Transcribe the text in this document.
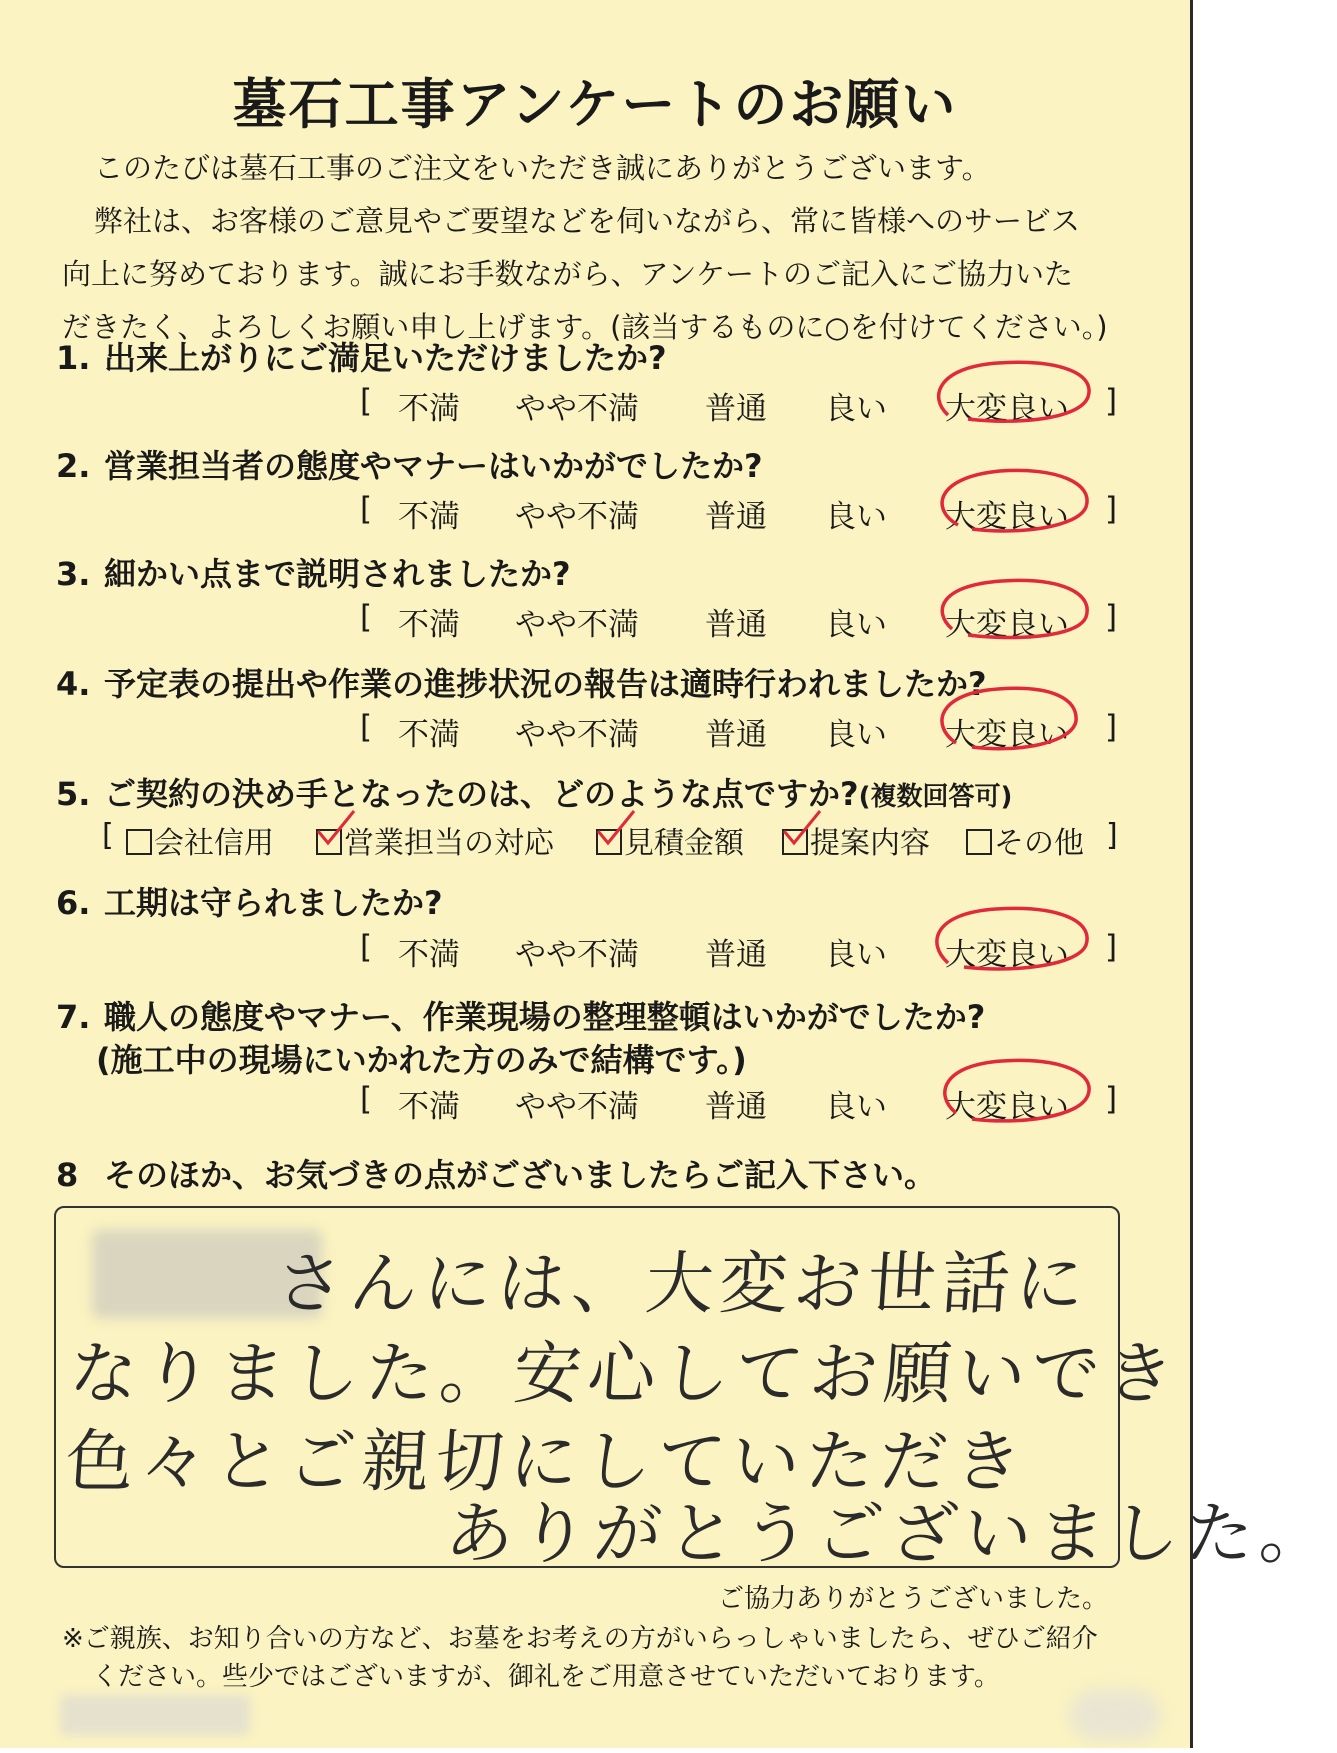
墓石工事アンケートのお願い

このたびは墓石工事のご注文をいただき誠にありがとうございます。

弊社は、お客様のご意見やご要望などを伺いながら、常に皆様へのサービス

向上に努めております。誠にお手数ながら、アンケートのご記入にご協力いた

だきたく、よろしくお願い申し上げます。(該当するものに○を付けてください。)

1. 出来上がりにご満足いただけましたか?
[ 不満 やや不満 普通 良い 大変良い ]
2. 営業担当者の態度やマナーはいかがでしたか?
[ 不満 やや不満 普通 良い 大変良い ]
3. 細かい点まで説明されましたか?
[ 不満 やや不満 普通 良い 大変良い ]
4. 予定表の提出や作業の進捗状況の報告は適時行われましたか?
[ 不満 やや不満 普通 良い 大変良い ]
5. ご契約の決め手となったのは、どのような点ですか?(複数回答可)
[	会社信用	営業担当の対応	見積金額	提案内容	その他 ]
6. 工期は守られましたか?
[ 不満 やや不満 普通 良い 大変良い ]
7. 職人の態度やマナー、作業現場の整理整頓はいかがでしたか?
(施工中の現場にいかれた方のみで結構です。)
[ 不満 やや不満 普通 良い 大変良い ]
8 そのほか、お気づきの点がございましたらご記入下さい。
さんには、大変お世話に
なりました。安心してお願いでき
色々とご親切にしていただき
ありがとうございました。
ご協力ありがとうございました。

※ご親族、お知り合いの方など、お墓をお考えの方がいらっしゃいましたら、ぜひご紹介

ください。些少ではございますが、御礼をご用意させていただいております。
